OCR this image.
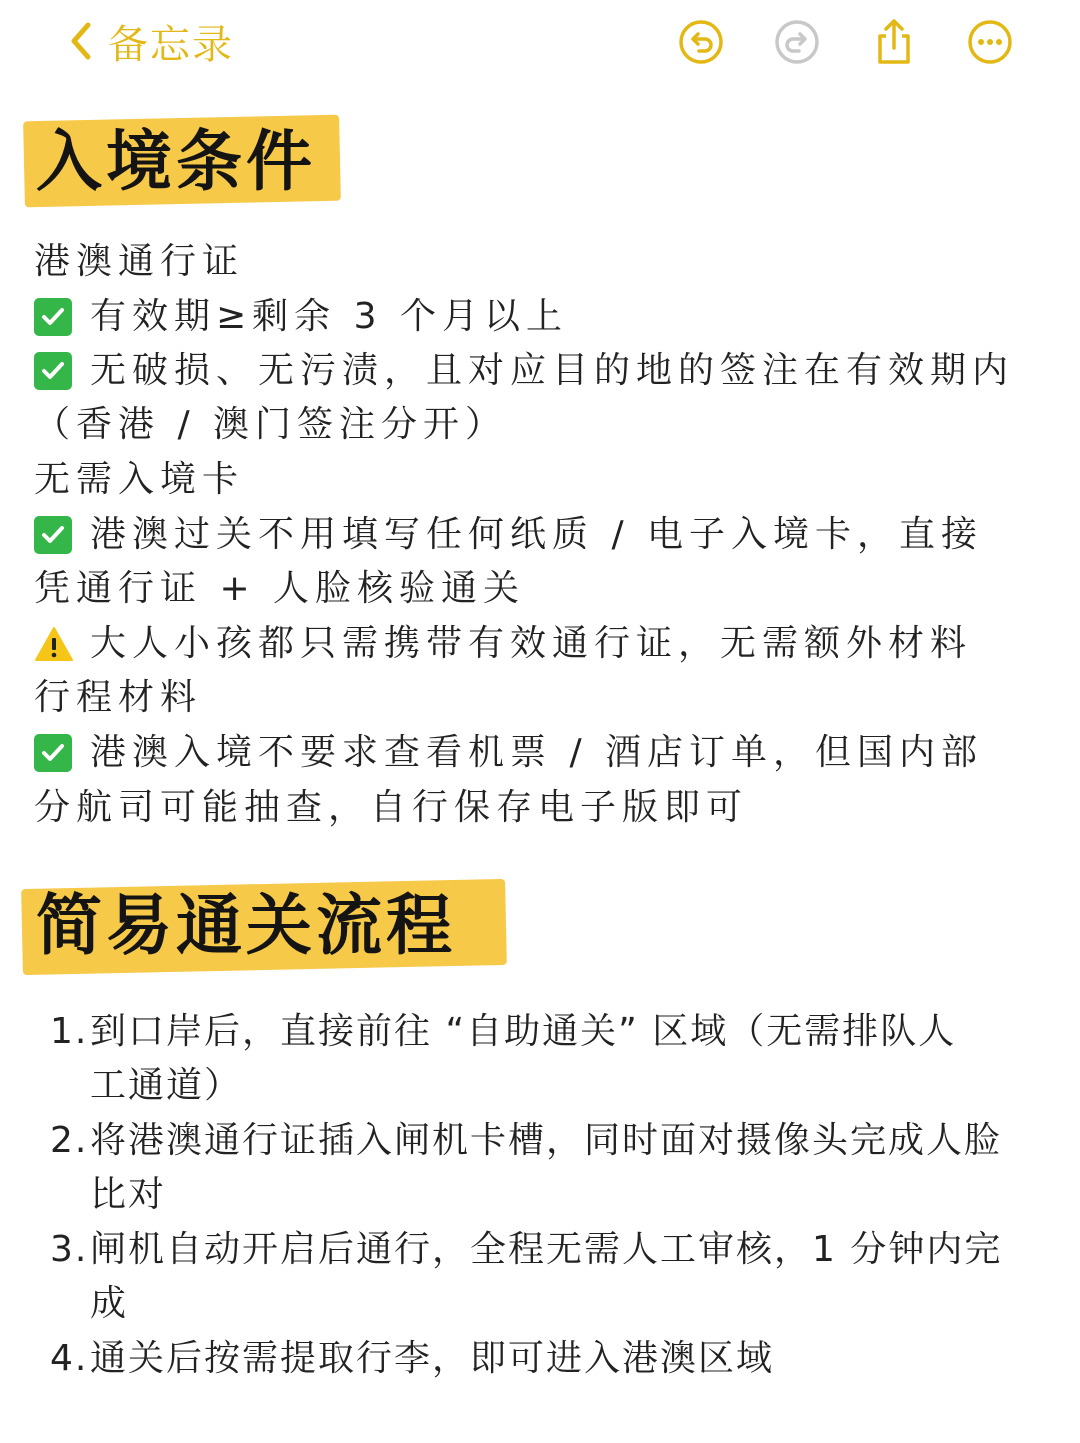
备忘录
入境条件
港澳通行证
有效期≥剩余 3 个月以上
无破损、无污渍，且对应目的地的签注在有效期内
（香港 / 澳门签注分开）
无需入境卡
港澳过关不用填写任何纸质 / 电子入境卡，直接
凭通行证 + 人脸核验通关
大人小孩都只需携带有效通行证，无需额外材料
行程材料
港澳入境不要求查看机票 / 酒店订单，但国内部
分航司可能抽查，自行保存电子版即可
简易通关流程
1.到口岸后，直接前往 “自助通关” 区域（无需排队人
工通道）
2.将港澳通行证插入闸机卡槽，同时面对摄像头完成人脸
比对
3.闸机自动开启后通行，全程无需人工审核，1 分钟内完
成
4.通关后按需提取行李，即可进入港澳区域
